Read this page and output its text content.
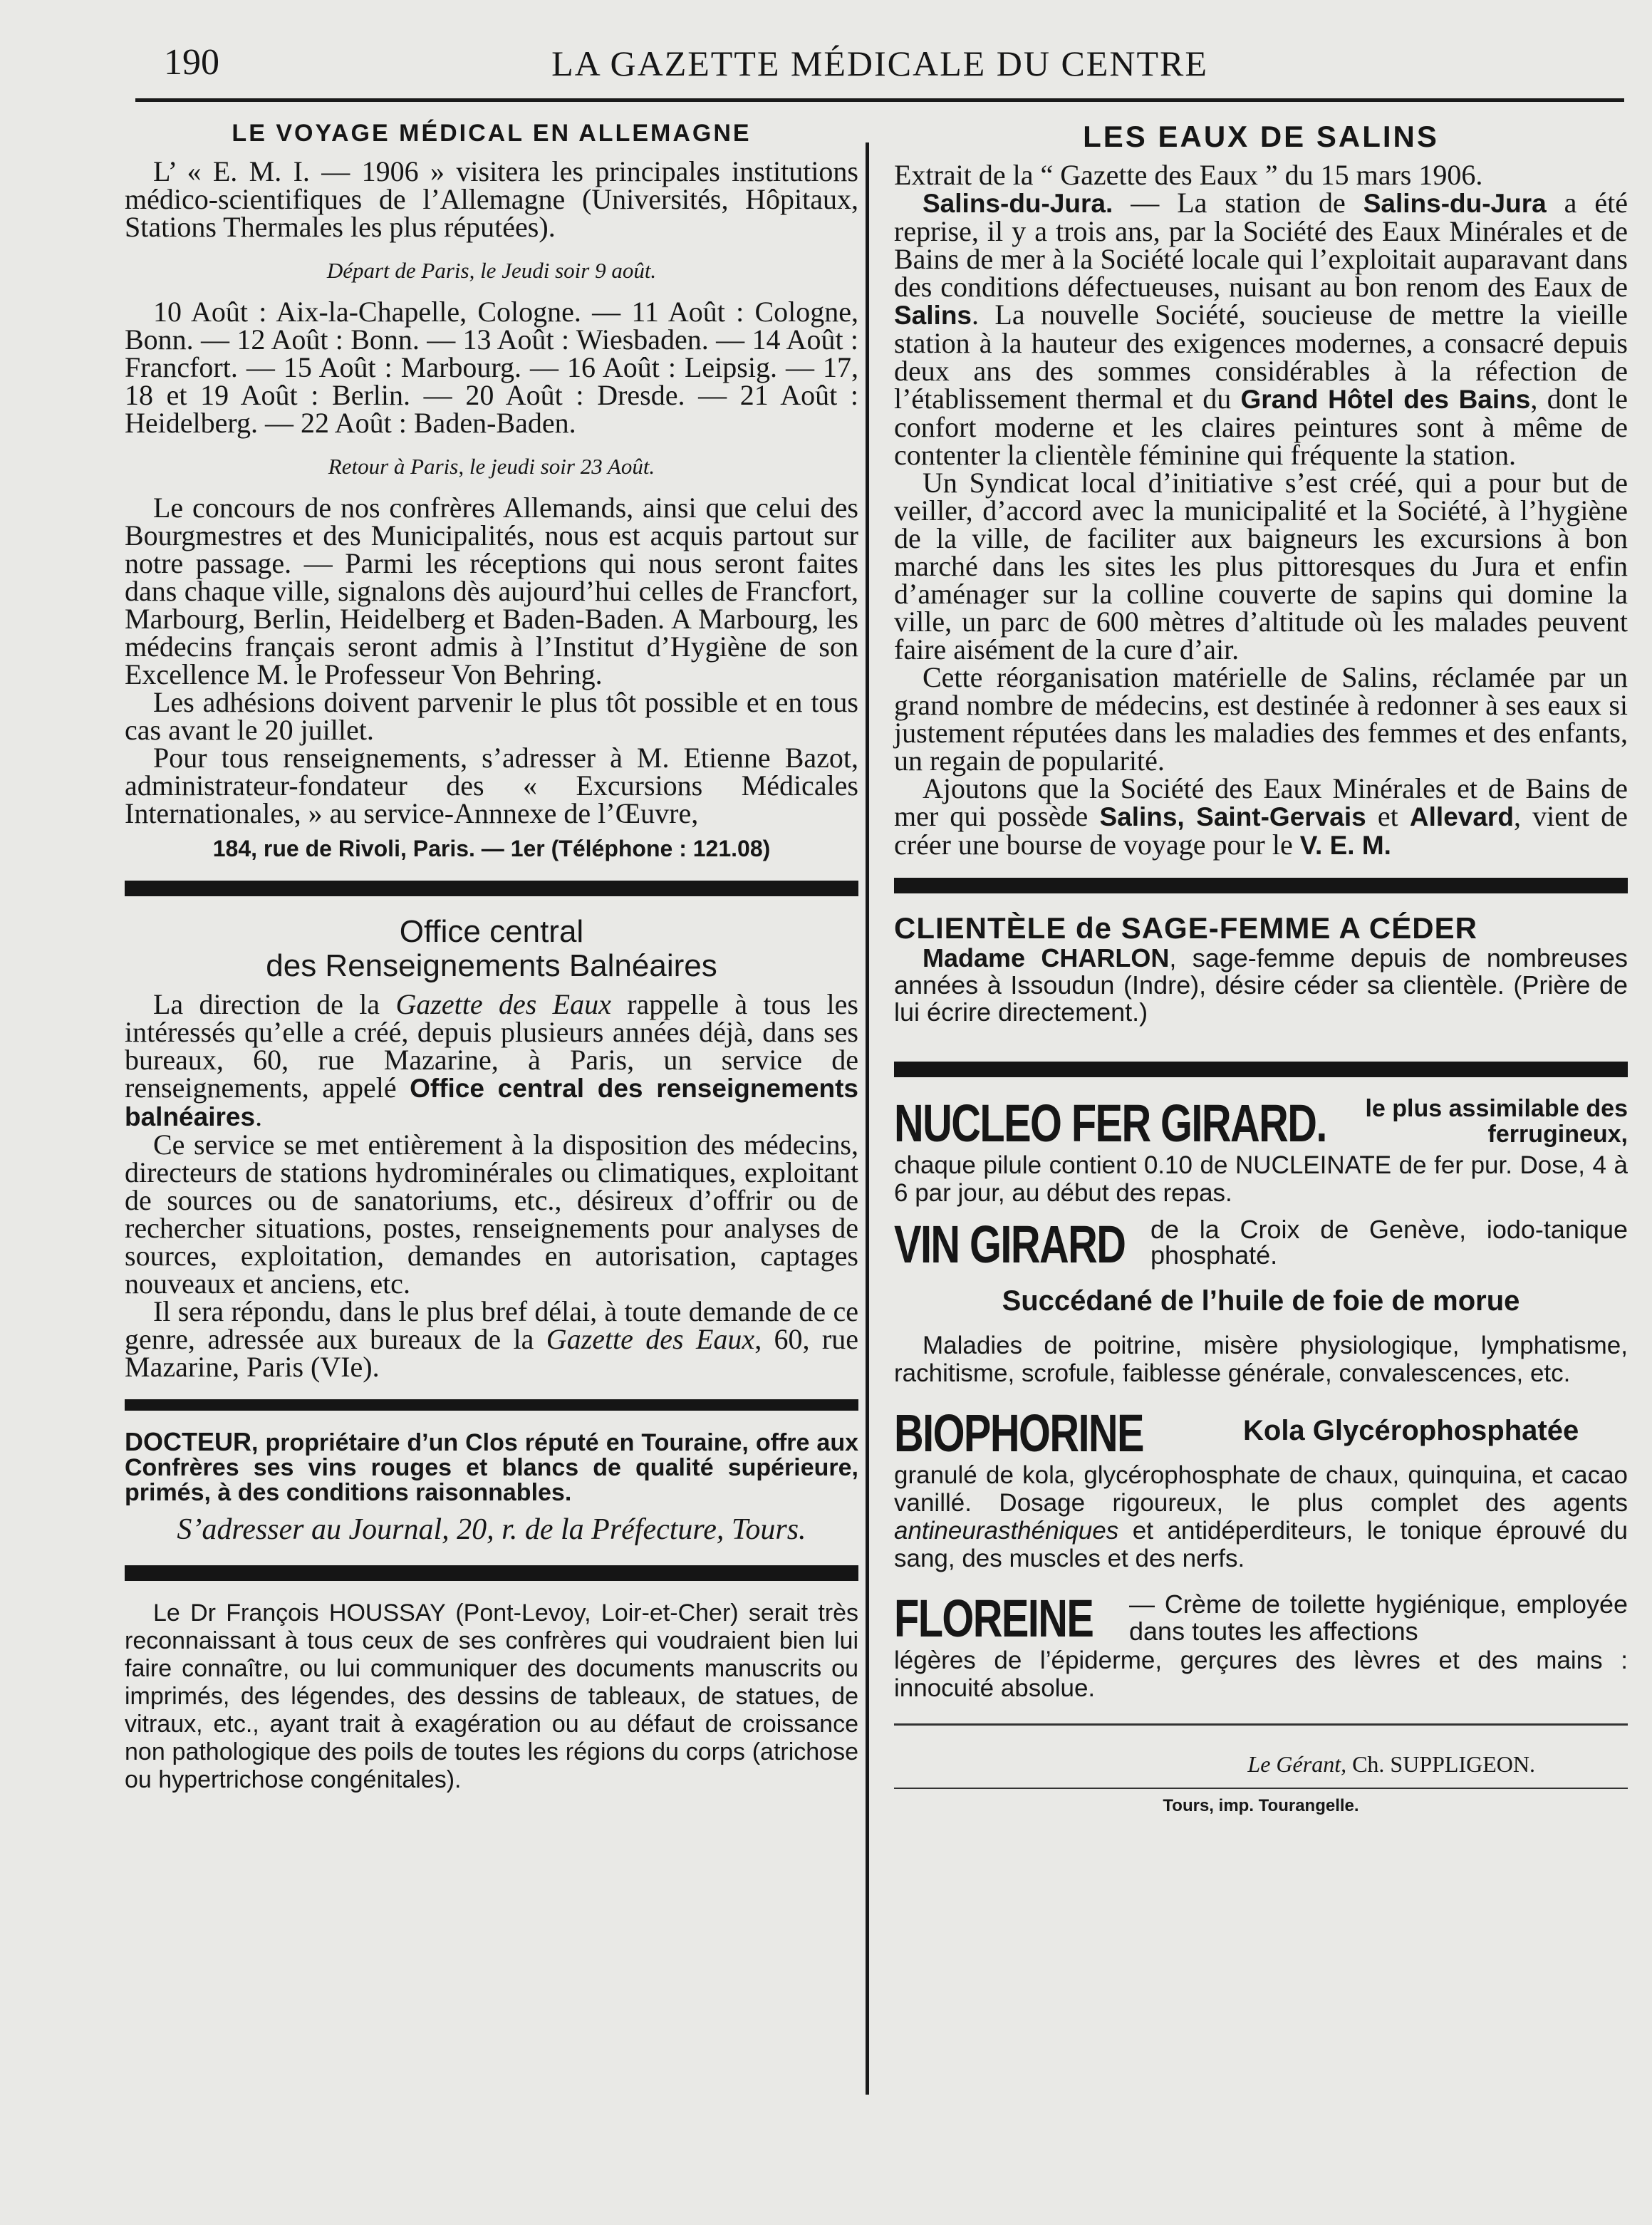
190	LA GAZETTE MÉDICALE DU CENTRE
LE VOYAGE MÉDICAL EN ALLEMAGNE

L’ « E. M. I. — 1906 » visitera les principales institutions médico-scientifiques de l’Allemagne (Universités, Hôpitaux, Stations Thermales les plus réputées).

Départ de Paris, le Jeudi soir 9 août.

10 Août : Aix-la-Chapelle, Cologne. — 11 Août : Cologne, Bonn. — 12 Août : Bonn. — 13 Août : Wiesbaden. — 14 Août : Francfort. — 15 Août : Marbourg. — 16 Août : Leipsig. — 17, 18 et 19 Août : Berlin. — 20 Août : Dresde. — 21 Août : Heidelberg. — 22 Août : Baden-Baden.

Retour à Paris, le jeudi soir 23 Août.

Le concours de nos confrères Allemands, ainsi que celui des Bourgmestres et des Municipalités, nous est acquis partout sur notre passage. — Parmi les réceptions qui nous seront faites dans chaque ville, signalons dès aujourd’hui celles de Francfort, Marbourg, Berlin, Heidelberg et Baden-Baden. A Marbourg, les médecins français seront admis à l’Institut d’Hygiène de son Excellence M. le Professeur Von Behring.

Les adhésions doivent parvenir le plus tôt possible et en tous cas avant le 20 juillet.

Pour tous renseignements, s’adresser à M. Etienne Bazot, administrateur-fondateur des « Excursions Médicales Internationales, » au service-Annnexe de l’Œuvre,

184, rue de Rivoli, Paris. — 1er (Téléphone : 121.08)

Office central
des Renseignements Balnéaires

La direction de la Gazette des Eaux rappelle à tous les intéressés qu’elle a créé, depuis plusieurs années déjà, dans ses bureaux, 60, rue Mazarine, à Paris, un service de renseignements, appelé Office central des renseignements balnéaires.

Ce service se met entièrement à la disposition des médecins, directeurs de stations hydrominérales ou climatiques, exploitant de sources ou de sanatoriums, etc., désireux d’offrir ou de rechercher situations, postes, renseignements pour analyses de sources, exploitation, demandes en autorisation, captages nouveaux et anciens, etc.

Il sera répondu, dans le plus bref délai, à toute demande de ce genre, adressée aux bureaux de la Gazette des Eaux, 60, rue Mazarine, Paris (VIe).

DOCTEUR, propriétaire d’un Clos réputé en Touraine, offre aux Confrères ses vins rouges et blancs de qualité supérieure, primés, à des conditions raisonnables.

S’adresser au Journal, 20, r. de la Préfecture, Tours.

Le Dr François HOUSSAY (Pont-Levoy, Loir-et-Cher) serait très reconnaissant à tous ceux de ses confrères qui voudraient bien lui faire connaître, ou lui communiquer des documents manuscrits ou imprimés, des légendes, des dessins de tableaux, de statues, de vitraux, etc., ayant trait à exagération ou au défaut de croissance non pathologique des poils de toutes les régions du corps (atrichose ou hypertrichose congénitales).

LES EAUX DE SALINS

Extrait de la “ Gazette des Eaux ” du 15 mars 1906.

Salins-du-Jura. — La station de Salins-du-Jura a été reprise, il y a trois ans, par la Société des Eaux Minérales et de Bains de mer à la Société locale qui l’exploitait auparavant dans des conditions défectueuses, nuisant au bon renom des Eaux de Salins. La nouvelle Société, soucieuse de mettre la vieille station à la hauteur des exigences modernes, a consacré depuis deux ans des sommes considérables à la réfection de l’établissement thermal et du Grand Hôtel des Bains, dont le confort moderne et les claires peintures sont à même de contenter la clientèle féminine qui fréquente la station.

Un Syndicat local d’initiative s’est créé, qui a pour but de veiller, d’accord avec la municipalité et la Société, à l’hygiène de la ville, de faciliter aux baigneurs les excursions à bon marché dans les sites les plus pittoresques du Jura et enfin d’aménager sur la colline couverte de sapins qui domine la ville, un parc de 600 mètres d’altitude où les malades peuvent faire aisément de la cure d’air.

Cette réorganisation matérielle de Salins, réclamée par un grand nombre de médecins, est destinée à redonner à ses eaux si justement réputées dans les maladies des femmes et des enfants, un regain de popularité.

Ajoutons que la Société des Eaux Minérales et de Bains de mer qui possède Salins, Saint-Gervais et Allevard, vient de créer une bourse de voyage pour le V. E. M.

CLIENTÈLE de SAGE-FEMME A CÉDER

Madame CHARLON, sage-femme depuis de nombreuses années à Issoudun (Indre), désire céder sa clientèle. (Prière de lui écrire directement.)

NUCLEO FER GIRARD.	le plus assimilable des ferrugineux,

chaque pilule contient 0.10 de NUCLEINATE de fer pur. Dose, 4 à 6 par jour, au début des repas.

VIN GIRARD de la Croix de Genève, iodo-tanique phosphaté.

Succédané de l’huile de foie de morue

Maladies de poitrine, misère physiologique, lymphatisme, rachitisme, scrofule, faiblesse générale, convalescences, etc.

BIOPHORINE	Kola Glycérophosphatée

granulé de kola, glycérophosphate de chaux, quinquina, et cacao vanillé. Dosage rigoureux, le plus complet des agents antineurasthéniques et antidéperditeurs, le tonique éprouvé du sang, des muscles et des nerfs.

FLOREINE	— Crème de toilette hygiénique, employée dans toutes les affections

légères de l’épiderme, gerçures des lèvres et des mains : innocuité absolue.

Le Gérant, Ch. SUPPLIGEON.
Tours, imp. Tourangelle.
